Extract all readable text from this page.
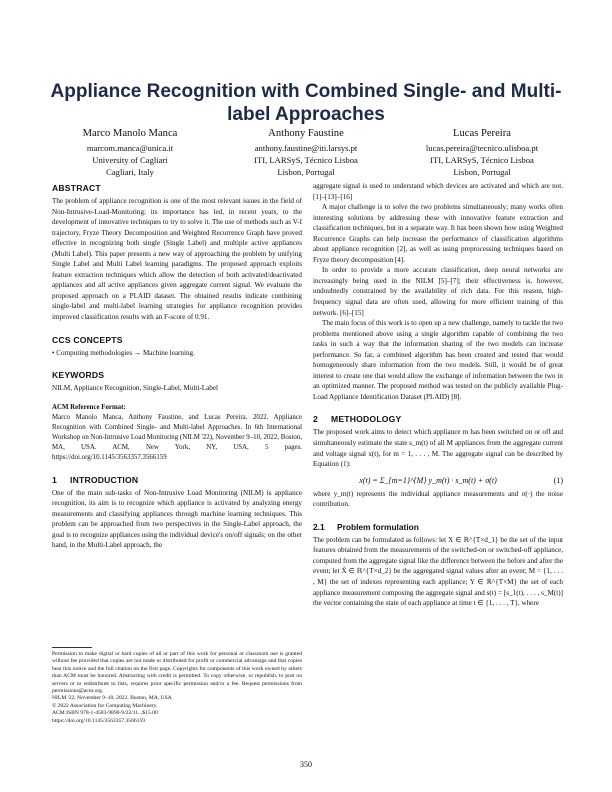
Appliance Recognition with Combined Single- and Multi-label Approaches
Marco Manolo Manca
marcom.manca@unica.it
University of Cagliari
Cagliari, Italy
Anthony Faustine
anthony.faustine@iti.larsys.pt
ITI, LARSyS, Técnico Lisboa
Lisbon, Portugal
Lucas Pereira
lucas.pereira@tecnico.ulisboa.pt
ITI, LARSyS, Técnico Lisboa
Lisbon, Portugal
ABSTRACT

The problem of appliance recognition is one of the most relevant issues in the field of Non-Intrusive-Load-Monitoring; its importance has led, in recent years, to the development of innovative techniques to try to solve it. The use of methods such as V-I trajectory, Fryze Theory Decomposition and Weighted Recurrence Graph have proved effective in recognizing both single (Single Label) and multiple active appliances (Multi Label). This paper presents a new way of approaching the problem by unifying Single Label and Multi Label learning paradigms. The proposed approach exploits feature extraction techniques which allow the detection of both activated/deactivated appliances and all active appliances given aggregate current signal. We evaluate the proposed approach on a PLAID dataset. The obtained results indicate combining single-label and multi-label learning strategies for appliance recognition provides improved classification results with an F-score of 0.91.

CCS CONCEPTS

• Computing methodologies → Machine learning.

KEYWORDS

NILM, Appliance Recognition, Single-Label, Multi-Label

ACM Reference Format:

Marco Manolo Manca, Anthony Faustine, and Lucas Pereira. 2022. Appliance Recognition with Combined Single- and Multi-label Approaches. In 6th International Workshop on Non-Intrusive Load Monitoring (NILM '22), November 9–10, 2022, Boston, MA, USA. ACM, New York, NY, USA, 5 pages. https://doi.org/10.1145/3563357.3566159

1 INTRODUCTION

One of the main sub-tasks of Non-Intrusive Load Monitoring (NILM) is appliance recognition, its aim is to recognize which appliance is activated by analyzing energy measurements and classifying appliances through machine learning techniques. This problem can be approached from two perspectives in the Single-Label approach, the goal is to recognize appliances using the individual device's on/off signals; on the other hand, in the Multi-Label approach, the

Permission to make digital or hard copies of all or part of this work for personal or classroom use is granted without fee provided that copies are not made or distributed for profit or commercial advantage and that copies bear this notice and the full citation on the first page. Copyrights for components of this work owned by others than ACM must be honored. Abstracting with credit is permitted. To copy otherwise, or republish, to post on servers or to redistribute to lists, requires prior specific permission and/or a fee. Request permissions from permissions@acm.org.
NILM '22, November 9–10, 2022, Boston, MA, USA
© 2022 Association for Computing Machinery.
ACM ISBN 978-1-4503-9890-9/22/11...$15.00
https://doi.org/10.1145/3563357.3566159

aggregate signal is used to understand which devices are activated and which are not. [1]–[13]–[16]

A major challenge is to solve the two problems simultaneously; many works often interesting solutions by addressing these with innovative feature extraction and classification techniques, but in a separate way. It has been shown how using Weighted Recurrence Graphs can help increase the performance of classification algorithms about appliance recognition [2], as well as using preprocessing techniques based on Fryze theory decomposition [4].

In order to provide a more accurate classification, deep neural networks are increasingly being used in the NILM [5]–[7]; their effectiveness is, however, undoubtedly constrained by the availability of rich data. For this reason, high-frequency signal data are often used, allowing for more efficient training of this network. [6]–[15]

The main focus of this work is to open up a new challenge, namely to tackle the two problems mentioned above using a single algorithm capable of combining the two tasks in such a way that the information sharing of the two models can increase performance. So far, a combined algorithm has been created and tested that would homogeneously share information from the two models. Still, it would be of great interest to create one that would allow the exchange of information between the two in an optimized manner. The proposed method was tested on the publicly available Plug-Load Appliance Identification Dataset (PLAID) [8].

2 METHODOLOGY

The proposed work aims to detect which appliance m has been switched on or off and simultaneously estimate the state s_m(t) of all M appliances from the aggregate current and voltage signal x(t), for m = 1, . . . , M. The aggregate signal can be described by Equation (1):

x(t) = Σ_{m=1}^{M} y_m(t) · s_m(t) + σ(t)	(1)

where y_m(t) represents the individual appliance measurements and σ(·) the noise contribution.

2.1 Problem formulation

The problem can be formulated as follows: let X ∈ ℝ^{T×d_1} be the set of the input features obtained from the measurements of the switched-on or switched-off appliance, computed from the aggregate signal like the difference between the before and after the event; let X̃ ∈ ℝ^{T×d_2} be the aggregated signal values after an event; M = {1, . . . , M} the set of indexes representing each appliance; Y ∈ ℝ^{T×M} the set of each appliance measurement composing the aggregate signal and s(t) = [s_1(t), . . . , s_M(t)] the vector containing the state of each appliance at time t ∈ {1, . . . , T}, where

350
